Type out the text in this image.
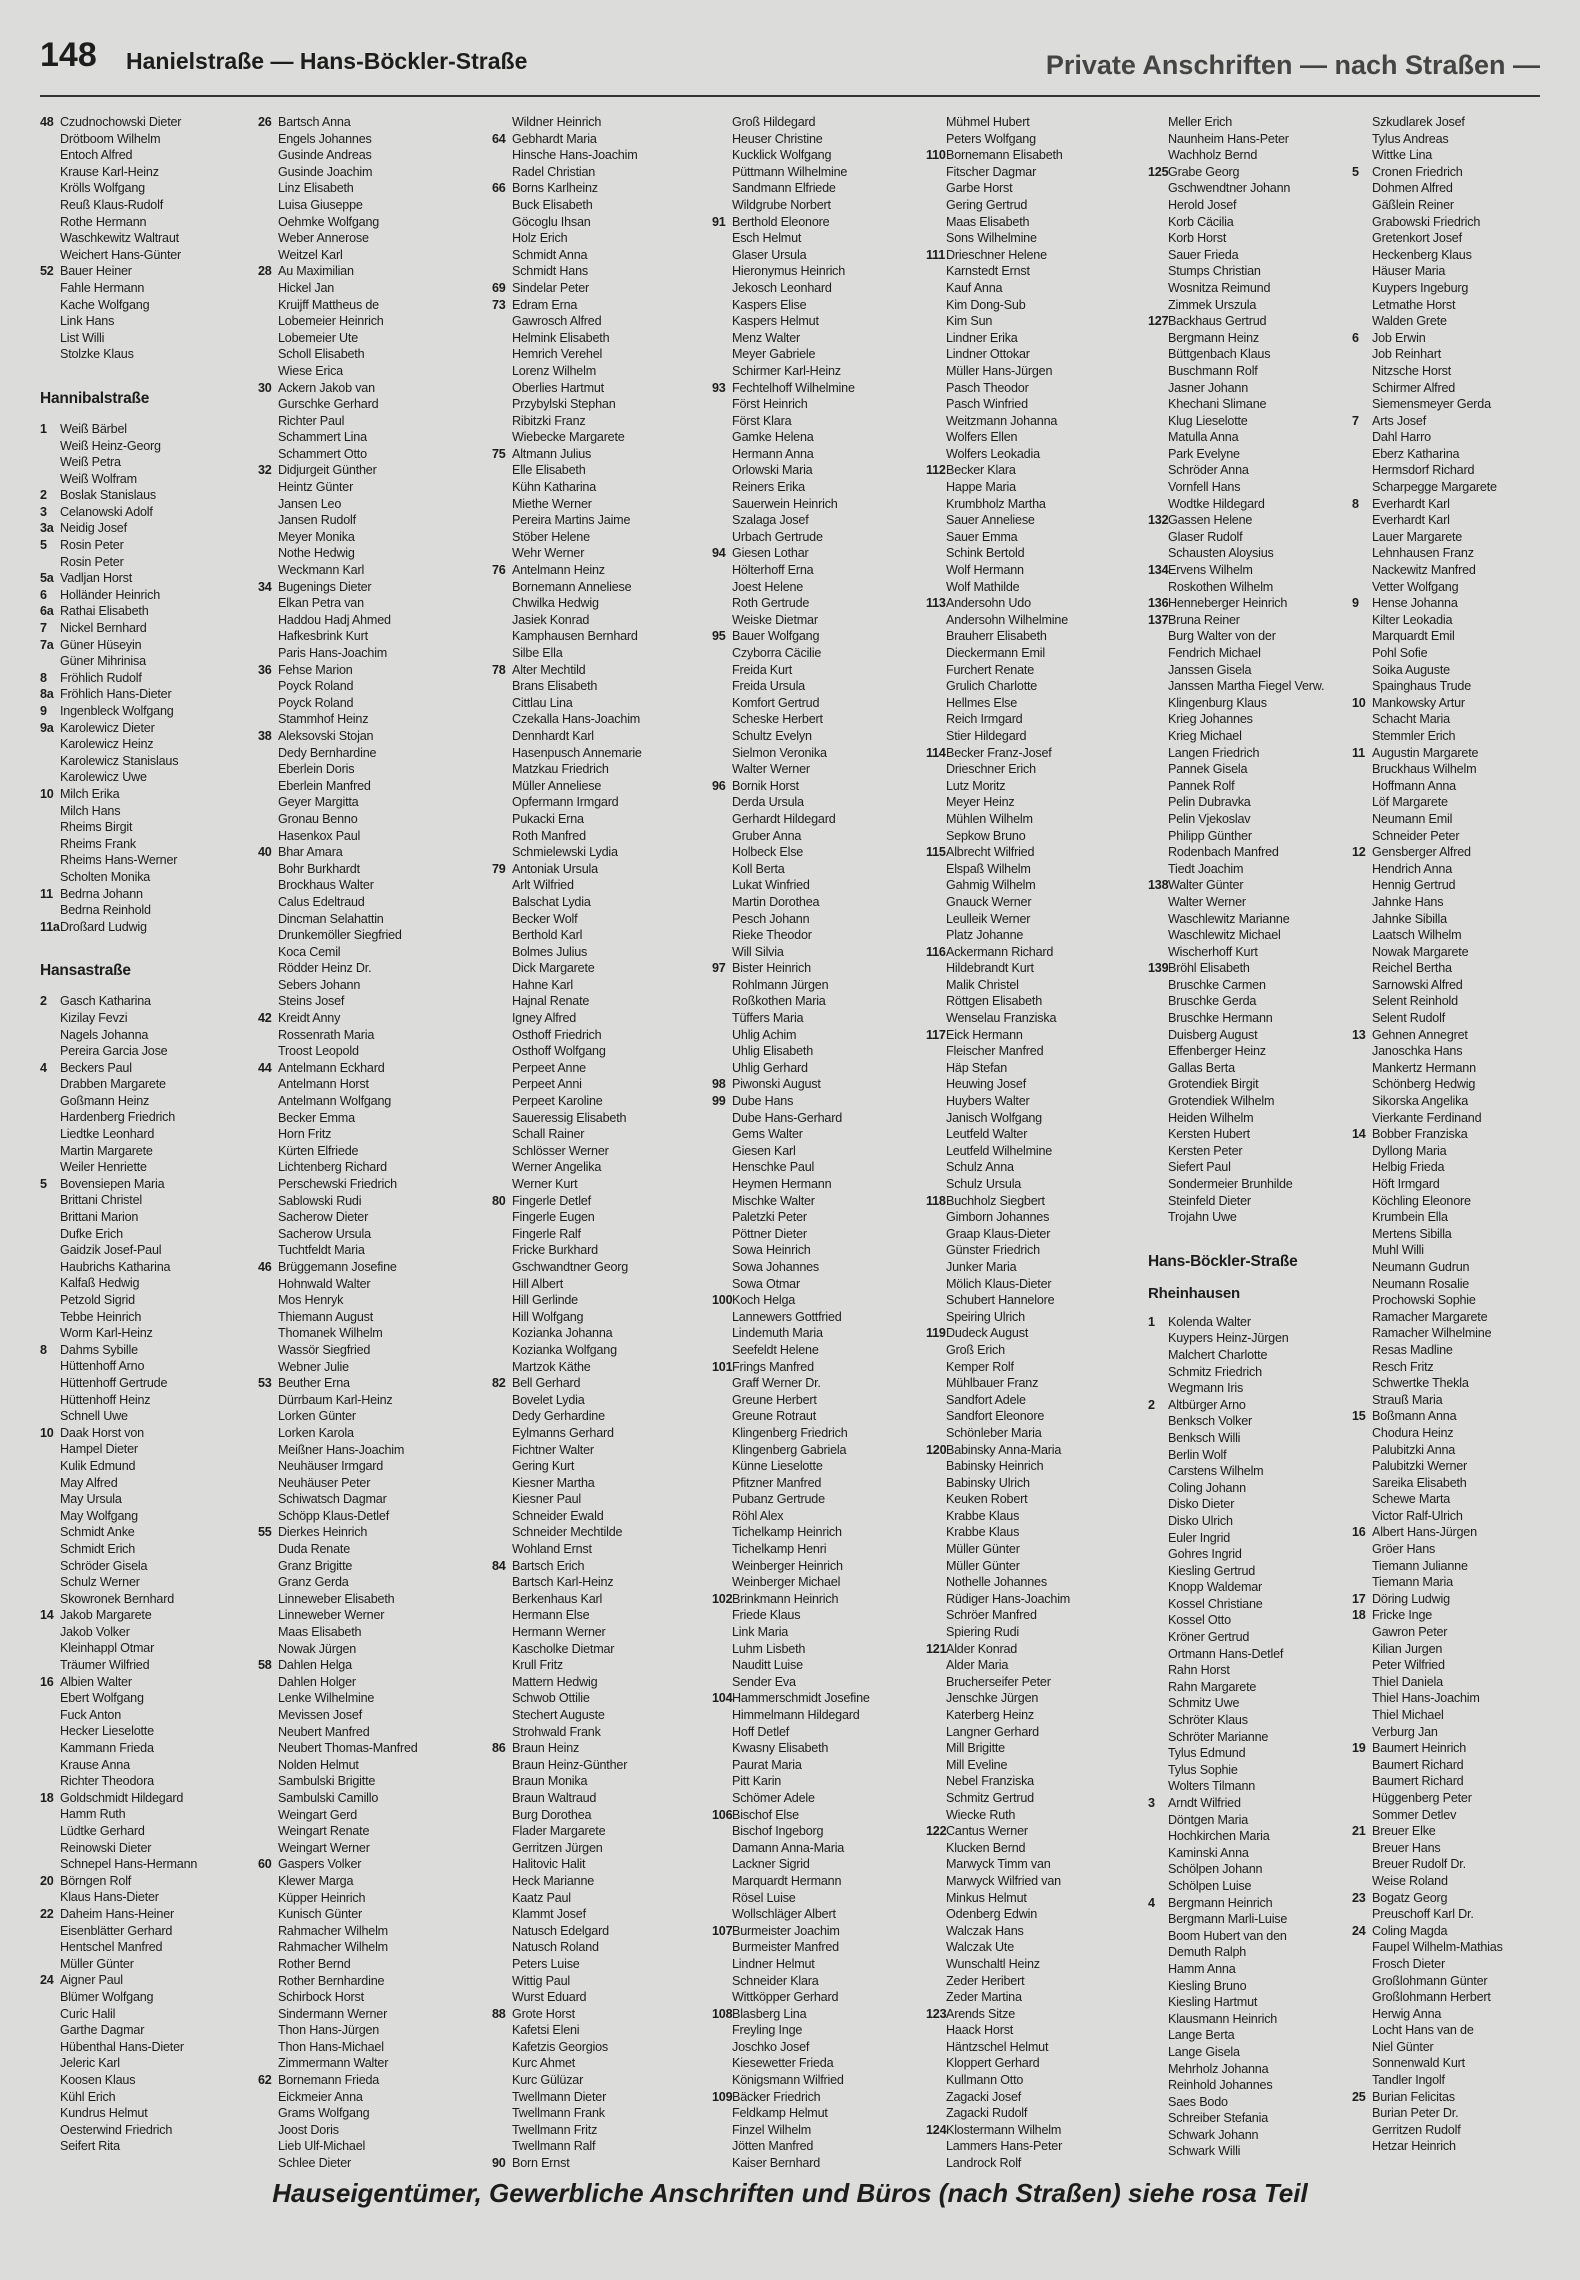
148 Hanielstraße — Hans-Böckler-Straße	Private Anschriften — nach Straßen —
48 Czudnochowski Dieter
Drötboom Wilhelm
Entoch Alfred
Krause Karl-Heinz
Krölls Wolfgang
Reuß Klaus-Rudolf
Rothe Hermann
Waschkewitz Waltraut
Weichert Hans-Günter
52 Bauer Heiner
Fahle Hermann
Kache Wolfgang
Link Hans
List Willi
Stolzke Klaus
Hannibalstraße
1 Weiß Bärbel
Weiß Heinz-Georg
Weiß Petra
Weiß Wolfram
2 Boslak Stanislaus
3 Celanowski Adolf
3a Neidig Josef
5 Rosin Peter
Rosin Peter
5a Vadljan Horst
6 Holländer Heinrich
6a Rathai Elisabeth
7 Nickel Bernhard
7a Güner Hüseyin
Güner Mihrinisa
8 Fröhlich Rudolf
8a Fröhlich Hans-Dieter
9 Ingenbleck Wolfgang
9a Karolewicz Dieter
Karolewicz Heinz
Karolewicz Stanislaus
Karolewicz Uwe
10 Milch Erika
Milch Hans
Rheims Birgit
Rheims Frank
Rheims Hans-Werner
Scholten Monika
11 Bedrna Johann
Bedrna Reinhold
11a Droßard Ludwig
Hansastraße
2 Gasch Katharina
Kizilay Fevzi
Nagels Johanna
Pereira Garcia Jose
4 Beckers Paul
Drabben Margarete
Goßmann Heinz
Hardenberg Friedrich
Liedtke Leonhard
Martin Margarete
Weiler Henriette
5 Bovensiepen Maria
Brittani Christel
Brittani Marion
Dufke Erich
Gaidzik Josef-Paul
Haubrichs Katharina
Kalfaß Hedwig
Petzold Sigrid
Tebbe Heinrich
Worm Karl-Heinz
8 Dahms Sybille
Hüttenhoff Arno
Hüttenhoff Gertrude
Hüttenhoff Heinz
Schnell Uwe
10 Daak Horst von
Hampel Dieter
Kulik Edmund
May Alfred
May Ursula
May Wolfgang
Schmidt Anke
Schmidt Erich
Schröder Gisela
Schulz Werner
Skowronek Bernhard
14 Jakob Margarete
Jakob Volker
Kleinhappl Otmar
Träumer Wilfried
16 Albien Walter
Ebert Wolfgang
Fuck Anton
Hecker Lieselotte
Kammann Frieda
Krause Anna
Richter Theodora
18 Goldschmidt Hildegard
Hamm Ruth
Lüdtke Gerhard
Reinowski Dieter
Schnepel Hans-Hermann
20 Börngen Rolf
Klaus Hans-Dieter
22 Daheim Hans-Heiner
Eisenblätter Gerhard
Hentschel Manfred
Müller Günter
24 Aigner Paul
Blümer Wolfgang
Curic Halil
Garthe Dagmar
Hübenthal Hans-Dieter
Jeleric Karl
Koosen Klaus
Kühl Erich
Kundrus Helmut
Oesterwind Friedrich
Seifert Rita
26 Bartsch Anna
Engels Johannes
Gusinde Andreas
Gusinde Joachim
Linz Elisabeth
Luisa Giuseppe
Oehmke Wolfgang
Weber Annerose
Weitzel Karl
28 Au Maximilian
Hickel Jan
Kruijff Mattheus de
Lobemeier Heinrich
Lobemeier Ute
Scholl Elisabeth
Wiese Erica
30 Ackern Jakob van
Gurschke Gerhard
Richter Paul
Schammert Lina
Schammert Otto
32 Didjurgeit Günther
Heintz Günter
Jansen Leo
Jansen Rudolf
Meyer Monika
Nothe Hedwig
Weckmann Karl
34 Bugenings Dieter
Elkan Petra van
Haddou Hadj Ahmed
Hafkesbrink Kurt
Paris Hans-Joachim
36 Fehse Marion
Poyck Roland
Poyck Roland
Stammhof Heinz
38 Aleksovski Stojan
Dedy Bernhardine
Eberlein Doris
Eberlein Manfred
Geyer Margitta
Gronau Benno
Hasenkox Paul
40 Bhar Amara
Bohr Burkhardt
Brockhaus Walter
Calus Edeltraud
Dincman Selahattin
Drunkemöller Siegfried
Koca Cemil
Rödder Heinz Dr.
Sebers Johann
Steins Josef
42 Kreidt Anny
Rossenrath Maria
Troost Leopold
44 Antelmann Eckhard
Antelmann Horst
Antelmann Wolfgang
Becker Emma
Horn Fritz
Kürten Elfriede
Lichtenberg Richard
Perschewski Friedrich
Sablowski Rudi
Sacherow Dieter
Sacherow Ursula
Tuchtfeldt Maria
46 Brüggemann Josefine
Hohnwald Walter
Mos Henryk
Thiemann August
Thomanek Wilhelm
Wassör Siegfried
Webner Julie
53 Beuther Erna
Dürrbaum Karl-Heinz
Lorken Günter
Lorken Karola
Meißner Hans-Joachim
Neuhäuser Irmgard
Neuhäuser Peter
Schiwatsch Dagmar
Schöpp Klaus-Detlef
55 Dierkes Heinrich
Duda Renate
Granz Brigitte
Granz Gerda
Linneweber Elisabeth
Linneweber Werner
Maas Elisabeth
Nowak Jürgen
58 Dahlen Helga
Dahlen Holger
Lenke Wilhelmine
Mevissen Josef
Neubert Manfred
Neubert Thomas-Manfred
Nolden Helmut
Sambulski Brigitte
Sambulski Camillo
Weingart Gerd
Weingart Renate
Weingart Werner
60 Gaspers Volker
Klewer Marga
Küpper Heinrich
Kunisch Günter
Rahmacher Wilhelm
Rahmacher Wilhelm
Rother Bernd
Rother Bernhardine
Schirbock Horst
Sindermann Werner
Thon Hans-Jürgen
Thon Hans-Michael
Zimmermann Walter
62 Bornemann Frieda
Eickmeier Anna
Grams Wolfgang
Joost Doris
Lieb Ulf-Michael
Schlee Dieter
Wildner Heinrich
64 Gebhardt Maria
Hinsche Hans-Joachim
Radel Christian
66 Borns Karlheinz
Buck Elisabeth
Göcoglu Ihsan
Holz Erich
Schmidt Anna
Schmidt Hans
69 Sindelar Peter
73 Edram Erna
Gawrosch Alfred
Helmink Elisabeth
Hemrich Verehel
Lorenz Wilhelm
Oberlies Hartmut
Przybylski Stephan
Ribitzki Franz
Wiebecke Margarete
75 Altmann Julius
Elle Elisabeth
Kühn Katharina
Miethe Werner
Pereira Martins Jaime
Stöber Helene
Wehr Werner
76 Antelmann Heinz
Bornemann Anneliese
Chwilka Hedwig
Jasiek Konrad
Kamphausen Bernhard
Silbe Ella
78 Alter Mechtild
Brans Elisabeth
Cittlau Lina
Czekalla Hans-Joachim
Dennhardt Karl
Hasenpusch Annemarie
Matzkau Friedrich
Müller Anneliese
Opfermann Irmgard
Pukacki Erna
Roth Manfred
Schmielewski Lydia
79 Antoniak Ursula
Arlt Wilfried
Balschat Lydia
Becker Wolf
Berthold Karl
Bolmes Julius
Dick Margarete
Hahne Karl
Hajnal Renate
Igney Alfred
Osthoff Friedrich
Osthoff Wolfgang
Perpeet Anne
Perpeet Anni
Perpeet Karoline
Saueressig Elisabeth
Schall Rainer
Schlösser Werner
Werner Angelika
Werner Kurt
80 Fingerle Detlef
Fingerle Eugen
Fingerle Ralf
Fricke Burkhard
Gschwandtner Georg
Hill Albert
Hill Gerlinde
Hill Wolfgang
Kozianka Johanna
Kozianka Wolfgang
Martzok Käthe
82 Bell Gerhard
Bovelet Lydia
Dedy Gerhardine
Eylmanns Gerhard
Fichtner Walter
Gering Kurt
Kiesner Martha
Kiesner Paul
Schneider Ewald
Schneider Mechtilde
Wohland Ernst
84 Bartsch Erich
Bartsch Karl-Heinz
Berkenhaus Karl
Hermann Else
Hermann Werner
Kascholke Dietmar
Krull Fritz
Mattern Hedwig
Schwob Ottilie
Stechert Auguste
Strohwald Frank
86 Braun Heinz
Braun Heinz-Günther
Braun Monika
Braun Waltraud
Burg Dorothea
Flader Margarete
Gerritzen Jürgen
Halitovic Halit
Heck Marianne
Kaatz Paul
Klammt Josef
Natusch Edelgard
Natusch Roland
Peters Luise
Wittig Paul
Wurst Eduard
88 Grote Horst
Kafetsi Eleni
Kafetzis Georgios
Kurc Ahmet
Kurc Gülüzar
Twellmann Dieter
Twellmann Frank
Twellmann Fritz
Twellmann Ralf
90 Born Ernst
Groß Hildegard
Heuser Christine
Kucklick Wolfgang
Püttmann Wilhelmine
Sandmann Elfriede
Wildgrube Norbert
91 Berthold Eleonore
Esch Helmut
Glaser Ursula
Hieronymus Heinrich
Jekosch Leonhard
Kaspers Elise
Kaspers Helmut
Menz Walter
Meyer Gabriele
Schirmer Karl-Heinz
93 Fechtelhoff Wilhelmine
Först Heinrich
Först Klara
Gamke Helena
Hermann Anna
Orlowski Maria
Reiners Erika
Sauerwein Heinrich
Szalaga Josef
Urbach Gertrude
94 Giesen Lothar
Hölterhoff Erna
Joest Helene
Roth Gertrude
Weiske Dietmar
95 Bauer Wolfgang
Czyborra Cäcilie
Freida Kurt
Freida Ursula
Komfort Gertrud
Scheske Herbert
Schultz Evelyn
Sielmon Veronika
Walter Werner
96 Bornik Horst
Derda Ursula
Gerhardt Hildegard
Gruber Anna
Holbeck Else
Koll Berta
Lukat Winfried
Martin Dorothea
Pesch Johann
Rieke Theodor
Will Silvia
97 Bister Heinrich
Rohlmann Jürgen
Roßkothen Maria
Tüffers Maria
Uhlig Achim
Uhlig Elisabeth
Uhlig Gerhard
98 Piwonski August
99 Dube Hans
Dube Hans-Gerhard
Gems Walter
Giesen Karl
Henschke Paul
Heymen Hermann
Mischke Walter
Paletzki Peter
Pöttner Dieter
Sowa Heinrich
Sowa Johannes
Sowa Otmar
100 Koch Helga
Lannewers Gottfried
Lindemuth Maria
Seefeldt Helene
101 Frings Manfred
Graff Werner Dr.
Greune Herbert
Greune Rotraut
Klingenberg Friedrich
Klingenberg Gabriela
Künne Lieselotte
Pfitzner Manfred
Pubanz Gertrude
Röhl Alex
Tichelkamp Heinrich
Tichelkamp Henri
Weinberger Heinrich
Weinberger Michael
102 Brinkmann Heinrich
Friede Klaus
Link Maria
Luhm Lisbeth
Nauditt Luise
Sender Eva
104 Hammerschmidt Josefine
Himmelmann Hildegard
Hoff Detlef
Kwasny Elisabeth
Paurat Maria
Pitt Karin
Schömer Adele
106 Bischof Else
Bischof Ingeborg
Damann Anna-Maria
Lackner Sigrid
Marquardt Hermann
Rösel Luise
Wollschläger Albert
107 Burmeister Joachim
Burmeister Manfred
Lindner Helmut
Schneider Klara
Wittköpper Gerhard
108 Blasberg Lina
Freyling Inge
Joschko Josef
Kiesewetter Frieda
Königsmann Wilfried
109 Bäcker Friedrich
Feldkamp Helmut
Finzel Wilhelm
Jötten Manfred
Kaiser Bernhard
Mühmel Hubert
Peters Wolfgang
110 Bornemann Elisabeth
Fitscher Dagmar
Garbe Horst
Gering Gertrud
Maas Elisabeth
Sons Wilhelmine
111 Drieschner Helene
Karnstedt Ernst
Kauf Anna
Kim Dong-Sub
Kim Sun
Lindner Erika
Lindner Ottokar
Müller Hans-Jürgen
Pasch Theodor
Pasch Winfried
Weitzmann Johanna
Wolfers Ellen
Wolfers Leokadia
112 Becker Klara
Happe Maria
Krumbholz Martha
Sauer Anneliese
Sauer Emma
Schink Bertold
Wolf Hermann
Wolf Mathilde
113 Andersohn Udo
Andersohn Wilhelmine
Brauherr Elisabeth
Dieckermann Emil
Furchert Renate
Grulich Charlotte
Hellmes Else
Reich Irmgard
Stier Hildegard
114 Becker Franz-Josef
Drieschner Erich
Lutz Moritz
Meyer Heinz
Mühlen Wilhelm
Sepkow Bruno
115 Albrecht Wilfried
Elspaß Wilhelm
Gahmig Wilhelm
Gnauck Werner
Leulleik Werner
Platz Johanne
116 Ackermann Richard
Hildebrandt Kurt
Malik Christel
Röttgen Elisabeth
Wenselau Franziska
117 Eick Hermann
Fleischer Manfred
Häp Stefan
Heuwing Josef
Huybers Walter
Janisch Wolfgang
Leutfeld Walter
Leutfeld Wilhelmine
Schulz Anna
Schulz Ursula
118 Buchholz Siegbert
Gimborn Johannes
Graap Klaus-Dieter
Günster Friedrich
Junker Maria
Mölich Klaus-Dieter
Schubert Hannelore
Speiring Ulrich
119 Dudeck August
Groß Erich
Kemper Rolf
Mühlbauer Franz
Sandfort Adele
Sandfort Eleonore
Schönleber Maria
120 Babinsky Anna-Maria
Babinsky Heinrich
Babinsky Ulrich
Keuken Robert
Krabbe Klaus
Krabbe Klaus
Müller Günter
Müller Günter
Nothelle Johannes
Rüdiger Hans-Joachim
Schröer Manfred
Spiering Rudi
121 Alder Konrad
Alder Maria
Brucherseifer Peter
Jenschke Jürgen
Katerberg Heinz
Langner Gerhard
Mill Brigitte
Mill Eveline
Nebel Franziska
Schmitz Gertrud
Wiecke Ruth
122 Cantus Werner
Klucken Bernd
Marwyck Timm van
Marwyck Wilfried van
Minkus Helmut
Odenberg Edwin
Walczak Hans
Walczak Ute
Wunschaltl Heinz
Zeder Heribert
Zeder Martina
123 Arends Sitze
Haack Horst
Häntzschel Helmut
Kloppert Gerhard
Kullmann Otto
Zagacki Josef
Zagacki Rudolf
124 Klostermann Wilhelm
Lammers Hans-Peter
Landrock Rolf
Meller Erich
Naunheim Hans-Peter
Wachholz Bernd
125 Grabe Georg
Gschwendtner Johann
Herold Josef
Korb Cäcilia
Korb Horst
Sauer Frieda
Stumps Christian
Wosnitza Reimund
Zimmek Urszula
127 Backhaus Gertrud
Bergmann Heinz
Büttgenbach Klaus
Buschmann Rolf
Jasner Johann
Khechani Slimane
Klug Lieselotte
Matulla Anna
Park Evelyne
Schröder Anna
Vornfell Hans
Wodtke Hildegard
132 Gassen Helene
Glaser Rudolf
Schausten Aloysius
134 Ervens Wilhelm
Roskothen Wilhelm
136 Henneberger Heinrich
137 Bruna Reiner
Burg Walter von der
Fendrich Michael
Janssen Gisela
Janssen Martha Fiegel Verw.
Klingenburg Klaus
Krieg Johannes
Krieg Michael
Langen Friedrich
Pannek Gisela
Pannek Rolf
Pelin Dubravka
Pelin Vjekoslav
Philipp Günther
Rodenbach Manfred
Tiedt Joachim
138 Walter Günter
Walter Werner
Waschlewitz Marianne
Waschlewitz Michael
Wischerhoff Kurt
139 Bröhl Elisabeth
Bruschke Carmen
Bruschke Gerda
Bruschke Hermann
Duisberg August
Effenberger Heinz
Gallas Berta
Grotendiek Birgit
Grotendiek Wilhelm
Heiden Wilhelm
Kersten Hubert
Kersten Peter
Siefert Paul
Sondermeier Brunhilde
Steinfeld Dieter
Trojahn Uwe
Hans-Böckler-Straße
Rheinhausen
1 Kolenda Walter
Kuypers Heinz-Jürgen
Malchert Charlotte
Schmitz Friedrich
Wegmann Iris
2 Altbürger Arno
Benksch Volker
Benksch Willi
Berlin Wolf
Carstens Wilhelm
Coling Johann
Disko Dieter
Disko Ulrich
Euler Ingrid
Gohres Ingrid
Kiesling Gertrud
Knopp Waldemar
Kossel Christiane
Kossel Otto
Kröner Gertrud
Ortmann Hans-Detlef
Rahn Horst
Rahn Margarete
Schmitz Uwe
Schröter Klaus
Schröter Marianne
Tylus Edmund
Tylus Sophie
Wolters Tilmann
3 Arndt Wilfried
Döntgen Maria
Hochkirchen Maria
Kaminski Anna
Schölpen Johann
Schölpen Luise
4 Bergmann Heinrich
Bergmann Marli-Luise
Boom Hubert van den
Demuth Ralph
Hamm Anna
Kiesling Bruno
Kiesling Hartmut
Klausmann Heinrich
Lange Berta
Lange Gisela
Mehrholz Johanna
Reinhold Johannes
Saes Bodo
Schreiber Stefania
Schwark Johann
Schwark Willi
Szkudlarek Josef
Tylus Andreas
Wittke Lina
5 Cronen Friedrich
Dohmen Alfred
Gäßlein Reiner
Grabowski Friedrich
Gretenkort Josef
Heckenberg Klaus
Häuser Maria
Kuypers Ingeburg
Letmathe Horst
Walden Grete
6 Job Erwin
Job Reinhart
Nitzsche Horst
Schirmer Alfred
Siemensmeyer Gerda
7 Arts Josef
Dahl Harro
Eberz Katharina
Hermsdorf Richard
Scharpegge Margarete
8 Everhardt Karl
Everhardt Karl
Lauer Margarete
Lehnhausen Franz
Nackewitz Manfred
Vetter Wolfgang
9 Hense Johanna
Kilter Leokadia
Marquardt Emil
Pohl Sofie
Soika Auguste
Spainghaus Trude
10 Mankowsky Artur
Schacht Maria
Stemmler Erich
11 Augustin Margarete
Bruckhaus Wilhelm
Hoffmann Anna
Löf Margarete
Neumann Emil
Schneider Peter
12 Gensberger Alfred
Hendrich Anna
Hennig Gertrud
Jahnke Hans
Jahnke Sibilla
Laatsch Wilhelm
Nowak Margarete
Reichel Bertha
Sarnowski Alfred
Selent Reinhold
Selent Rudolf
13 Gehnen Annegret
Janoschka Hans
Mankertz Hermann
Schönberg Hedwig
Sikorska Angelika
Vierkante Ferdinand
14 Bobber Franziska
Dyllong Maria
Helbig Frieda
Höft Irmgard
Köchling Eleonore
Krumbein Ella
Mertens Sibilla
Muhl Willi
Neumann Gudrun
Neumann Rosalie
Prochowski Sophie
Ramacher Margarete
Ramacher Wilhelmine
Resas Madline
Resch Fritz
Schwertke Thekla
Strauß Maria
15 Boßmann Anna
Chodura Heinz
Palubitzki Anna
Palubitzki Werner
Sareika Elisabeth
Schewe Marta
Victor Ralf-Ulrich
16 Albert Hans-Jürgen
Gröer Hans
Tiemann Julianne
Tiemann Maria
17 Döring Ludwig
18 Fricke Inge
Gawron Peter
Kilian Jurgen
Peter Wilfried
Thiel Daniela
Thiel Hans-Joachim
Thiel Michael
Verburg Jan
19 Baumert Heinrich
Baumert Richard
Baumert Richard
Hüggenberg Peter
Sommer Detlev
21 Breuer Elke
Breuer Hans
Breuer Rudolf Dr.
Weise Roland
23 Bogatz Georg
Preuschoff Karl Dr.
24 Coling Magda
Faupel Wilhelm-Mathias
Frosch Dieter
Großlohmann Günter
Großlohmann Herbert
Herwig Anna
Locht Hans van de
Niel Günter
Sonnenwald Kurt
Tandler Ingolf
25 Burian Felicitas
Burian Peter Dr.
Gerritzen Rudolf
Hetzar Heinrich
Hauseigentümer, Gewerbliche Anschriften und Büros (nach Straßen) siehe rosa Teil
